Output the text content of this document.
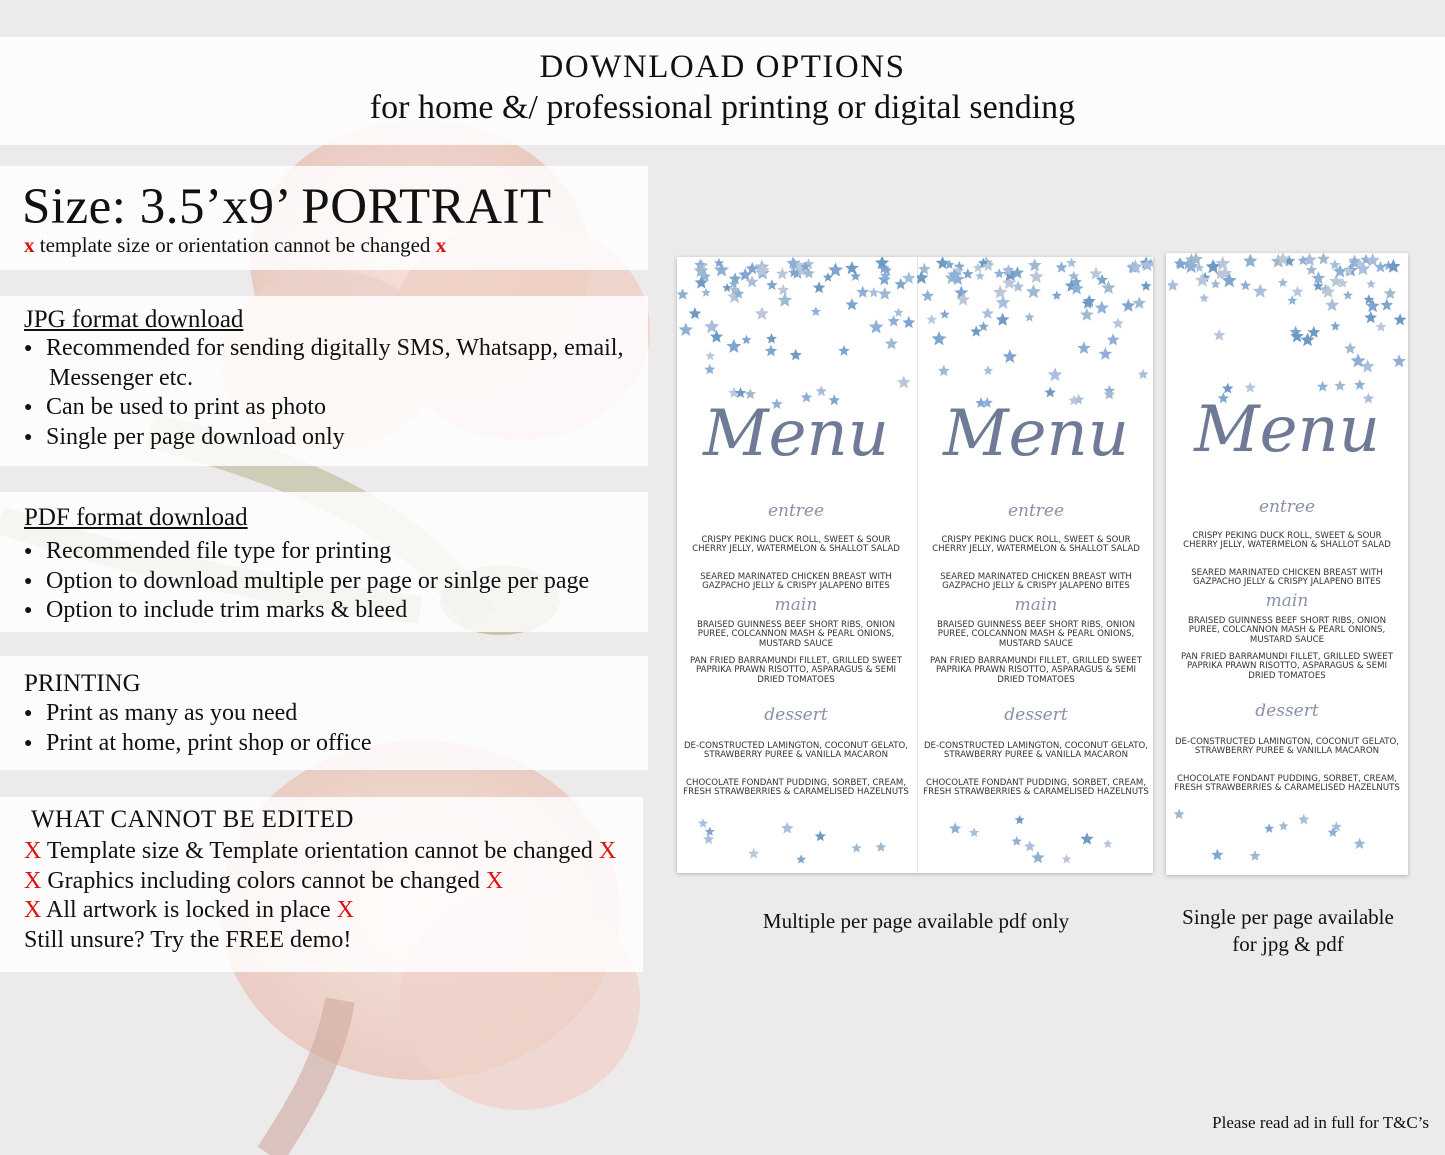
DOWNLOAD OPTIONS
for home &/ professional printing or digital sending
Size: 3.5’x9’ PORTRAIT
x template size or orientation cannot be changed x
JPG format download
● Recommended for sending digitally SMS, Whatsapp, email,
Messenger etc.
● Can be used to print as photo
● Single per page download only
PDF format download
● Recommended file type for printing
● Option to download multiple per page or sinlge per page
● Option to include trim marks & bleed
PRINTING
● Print as many as you need
● Print at home, print shop or office
WHAT CANNOT BE EDITED
X Template size & Template orientation cannot be changed X
X Graphics including colors cannot be changed X
X All artwork is locked in place X
Still unsure? Try the FREE demo!
Menu
entree
CRISPY PEKING DUCK ROLL, SWEET & SOUR CHERRY JELLY, WATERMELON & SHALLOT SALAD
SEARED MARINATED CHICKEN BREAST WITH GAZPACHO JELLY & CRISPY JALAPENO BITES
main
BRAISED GUINNESS BEEF SHORT RIBS, ONION PUREE, COLCANNON MASH & PEARL ONIONS, MUSTARD SAUCE
PAN FRIED BARRAMUNDI FILLET, GRILLED SWEET PAPRIKA PRAWN RISOTTO, ASPARAGUS & SEMI DRIED TOMATOES
dessert
DE-CONSTRUCTED LAMINGTON, COCONUT GELATO, STRAWBERRY PUREE & VANILLA MACARON
CHOCOLATE FONDANT PUDDING, SORBET, CREAM, FRESH STRAWBERRIES & CARAMELISED HAZELNUTS
Menu
entree
CRISPY PEKING DUCK ROLL, SWEET & SOUR CHERRY JELLY, WATERMELON & SHALLOT SALAD
SEARED MARINATED CHICKEN BREAST WITH GAZPACHO JELLY & CRISPY JALAPENO BITES
main
BRAISED GUINNESS BEEF SHORT RIBS, ONION PUREE, COLCANNON MASH & PEARL ONIONS, MUSTARD SAUCE
PAN FRIED BARRAMUNDI FILLET, GRILLED SWEET PAPRIKA PRAWN RISOTTO, ASPARAGUS & SEMI DRIED TOMATOES
dessert
DE-CONSTRUCTED LAMINGTON, COCONUT GELATO, STRAWBERRY PUREE & VANILLA MACARON
CHOCOLATE FONDANT PUDDING, SORBET, CREAM, FRESH STRAWBERRIES & CARAMELISED HAZELNUTS
Menu
entree
CRISPY PEKING DUCK ROLL, SWEET & SOUR CHERRY JELLY, WATERMELON & SHALLOT SALAD
SEARED MARINATED CHICKEN BREAST WITH GAZPACHO JELLY & CRISPY JALAPENO BITES
main
BRAISED GUINNESS BEEF SHORT RIBS, ONION PUREE, COLCANNON MASH & PEARL ONIONS, MUSTARD SAUCE
PAN FRIED BARRAMUNDI FILLET, GRILLED SWEET PAPRIKA PRAWN RISOTTO, ASPARAGUS & SEMI DRIED TOMATOES
dessert
DE-CONSTRUCTED LAMINGTON, COCONUT GELATO, STRAWBERRY PUREE & VANILLA MACARON
CHOCOLATE FONDANT PUDDING, SORBET, CREAM, FRESH STRAWBERRIES & CARAMELISED HAZELNUTS
Multiple per page available pdf only	Single per page available
for jpg & pdf
Please read ad in full for T&C’s
